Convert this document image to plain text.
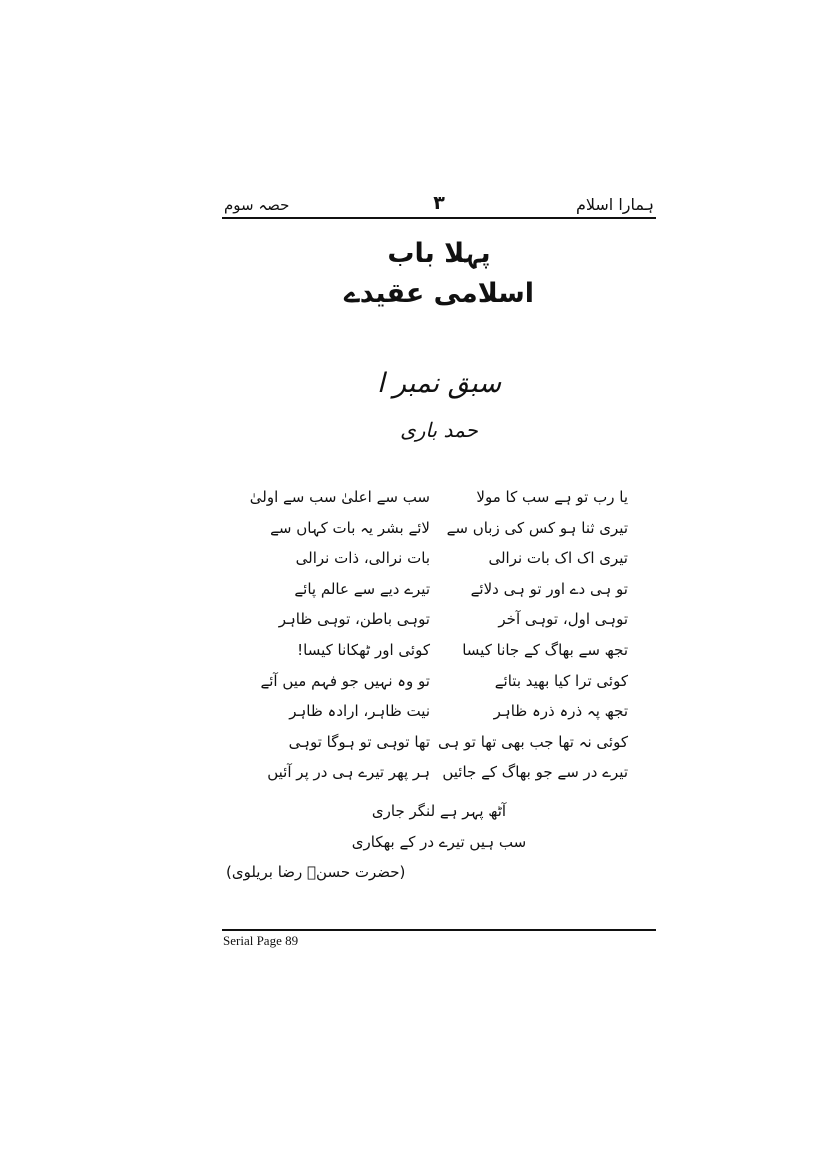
حصہ سوم	۳	ہمارا اسلام
پہلا باب
اسلامی عقیدے
سبق نمبر ا
حمد باری
یا رب تو ہے سب کا مولا
سب سے اعلیٰ سب سے اولیٰ
تیری ثنا ہو کس کی زباں سے
لائے بشر یہ بات کہاں سے
تیری اک اک بات نرالی
بات نرالی، ذات نرالی
تو ہی دے اور تو ہی دلائے
تیرے دیے سے عالم پائے
توہی اول، توہی آخر
توہی باطن، توہی ظاہر
تجھ سے بھاگ کے جانا کیسا
کوئی اور ٹھکانا کیسا!
کوئی ترا کیا بھید بتائے
تو وہ نہیں جو فہم میں آئے
تجھ پہ ذرہ ذرہ ظاہر
نیت ظاہر، ارادہ ظاہر
کوئی نہ تھا جب بھی تھا تو ہی
تھا توہی تو ہوگا توہی
تیرے در سے جو بھاگ کے جائیں
ہر پھر تیرے ہی در پر آئیں
آٹھ پہر ہے لنگر جاری
سب ہیں تیرے در کے بھکاری
(حضرت حسنؔ رضا بریلوی)
Serial Page 89
